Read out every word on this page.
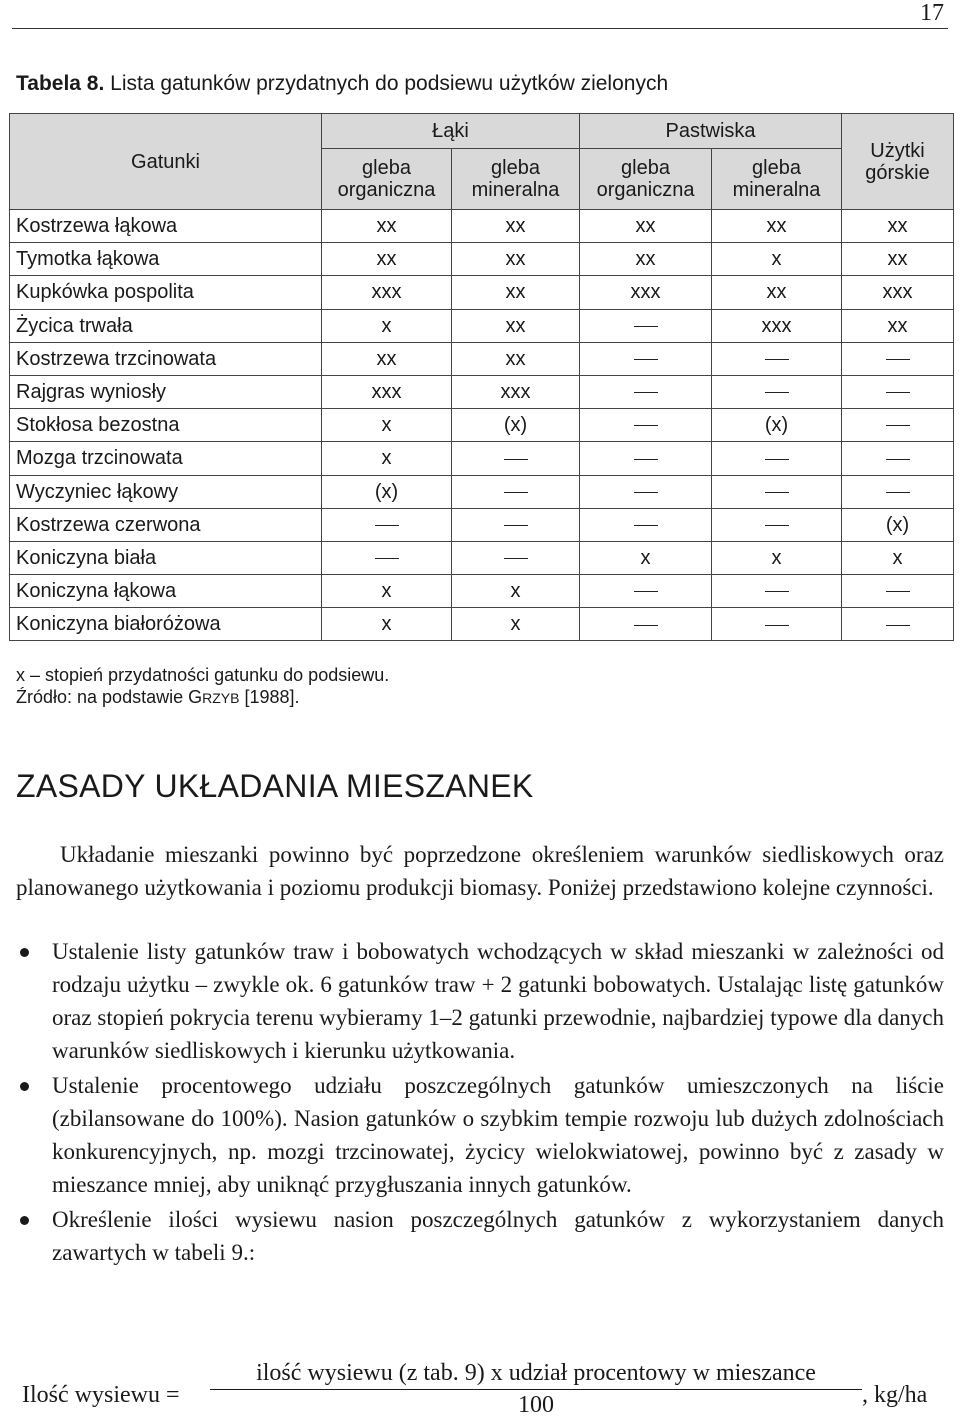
17
Tabela 8. Lista gatunków przydatnych do podsiewu użytków zielonych
Gatunki	Łąki		Pastwiska		Użytki górskie
	gleba organiczna	gleba mineralna	gleba organiczna	gleba mineralna	
Kostrzewa łąkowa	xx	xx	xx	xx	xx
Tymotka łąkowa	xx	xx	xx	x	xx
Kupkówka pospolita	xxx	xx	xxx	xx	xxx
Życica trwała	x	xx		xxx	xx
Kostrzewa trzcinowata	xx	xx			
Rajgras wyniosły	xxx	xxx			
Stokłosa bezostna	x	(x)		(x)	
Mozga trzcinowata	x				
Wyczyniec łąkowy	(x)				
Kostrzewa czerwona					(x)
Koniczyna biała			x	x	x
Koniczyna łąkowa	x	x			
Koniczyna białoróżowa	x	x			
x – stopień przydatności gatunku do podsiewu.
Źródło: na podstawie GRZYB [1988].
ZASADY UKŁADANIA MIESZANEK

Układanie mieszanki powinno być poprzedzone określeniem warunków siedliskowych oraz planowanego użytkowania i poziomu produkcji biomasy. Poniżej przedstawiono kolejne czynności.

Ustalenie listy gatunków traw i bobowatych wchodzących w skład mieszanki w zależności od rodzaju użytku – zwykle ok. 6 gatunków traw + 2 gatunki bobowatych. Ustalając listę gatunków oraz stopień pokrycia terenu wybieramy 1–2 gatunki przewodnie, najbardziej typowe dla danych warunków siedliskowych i kierunku użytkowania.
Ustalenie procentowego udziału poszczególnych gatunków umieszczonych na liście (zbilansowane do 100%). Nasion gatunków o szybkim tempie rozwoju lub dużych zdolnościach konkurencyjnych, np. mozgi trzcinowatej, życicy wielokwiatowej, powinno być z zasady w mieszance mniej, aby uniknąć przygłuszania innych gatunków.
Określenie ilości wysiewu nasion poszczególnych gatunków z wykorzystaniem danych zawartych w tabeli 9.:
Ilość wysiewu =
ilość wysiewu (z tab. 9) x udział procentowy w mieszance
100	, kg/ha
